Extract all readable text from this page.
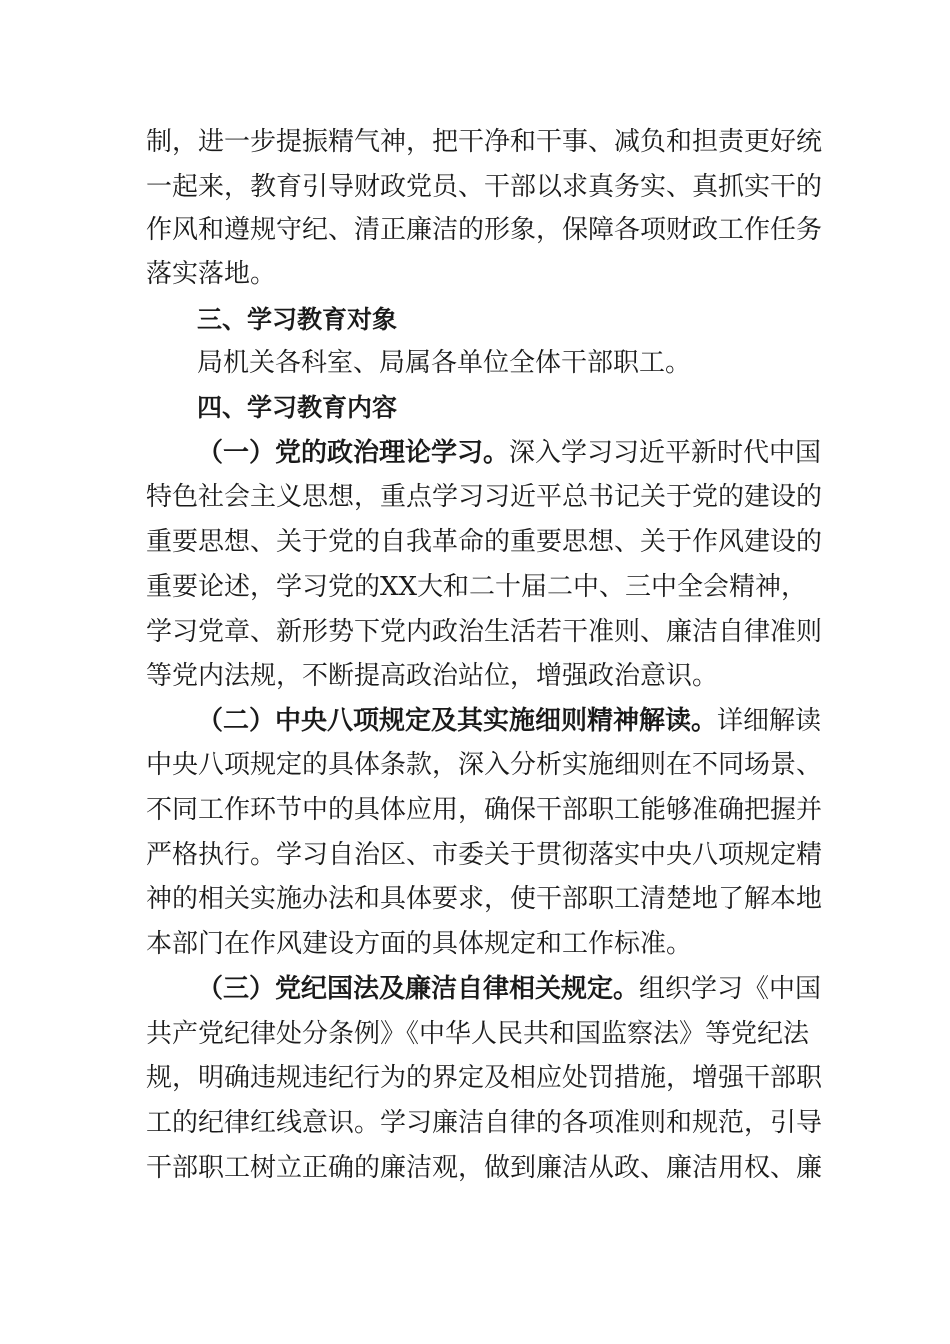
制，进一步提振精气神，把干净和干事、减负和担责更好统
一起来，教育引导财政党员、干部以求真务实、真抓实干的
作风和遵规守纪、清正廉洁的形象，保障各项财政工作任务
落实落地。
三、学习教育对象
局机关各科室、局属各单位全体干部职工。
四、学习教育内容
（一）党的政治理论学习。深入学习习近平新时代中国
特色社会主义思想，重点学习习近平总书记关于党的建设的
重要思想、关于党的自我革命的重要思想、关于作风建设的
重要论述，学习党的XX大和二十届二中、三中全会精神，
学习党章、新形势下党内政治生活若干准则、廉洁自律准则
等党内法规，不断提高政治站位，增强政治意识。
（二）中央八项规定及其实施细则精神解读。详细解读
中央八项规定的具体条款，深入分析实施细则在不同场景、
不同工作环节中的具体应用，确保干部职工能够准确把握并
严格执行。学习自治区、市委关于贯彻落实中央八项规定精
神的相关实施办法和具体要求，使干部职工清楚地了解本地
本部门在作风建设方面的具体规定和工作标准。
（三）党纪国法及廉洁自律相关规定。组织学习《中国
共产党纪律处分条例》《中华人民共和国监察法》等党纪法
规，明确违规违纪行为的界定及相应处罚措施，增强干部职
工的纪律红线意识。学习廉洁自律的各项准则和规范，引导
干部职工树立正确的廉洁观，做到廉洁从政、廉洁用权、廉
